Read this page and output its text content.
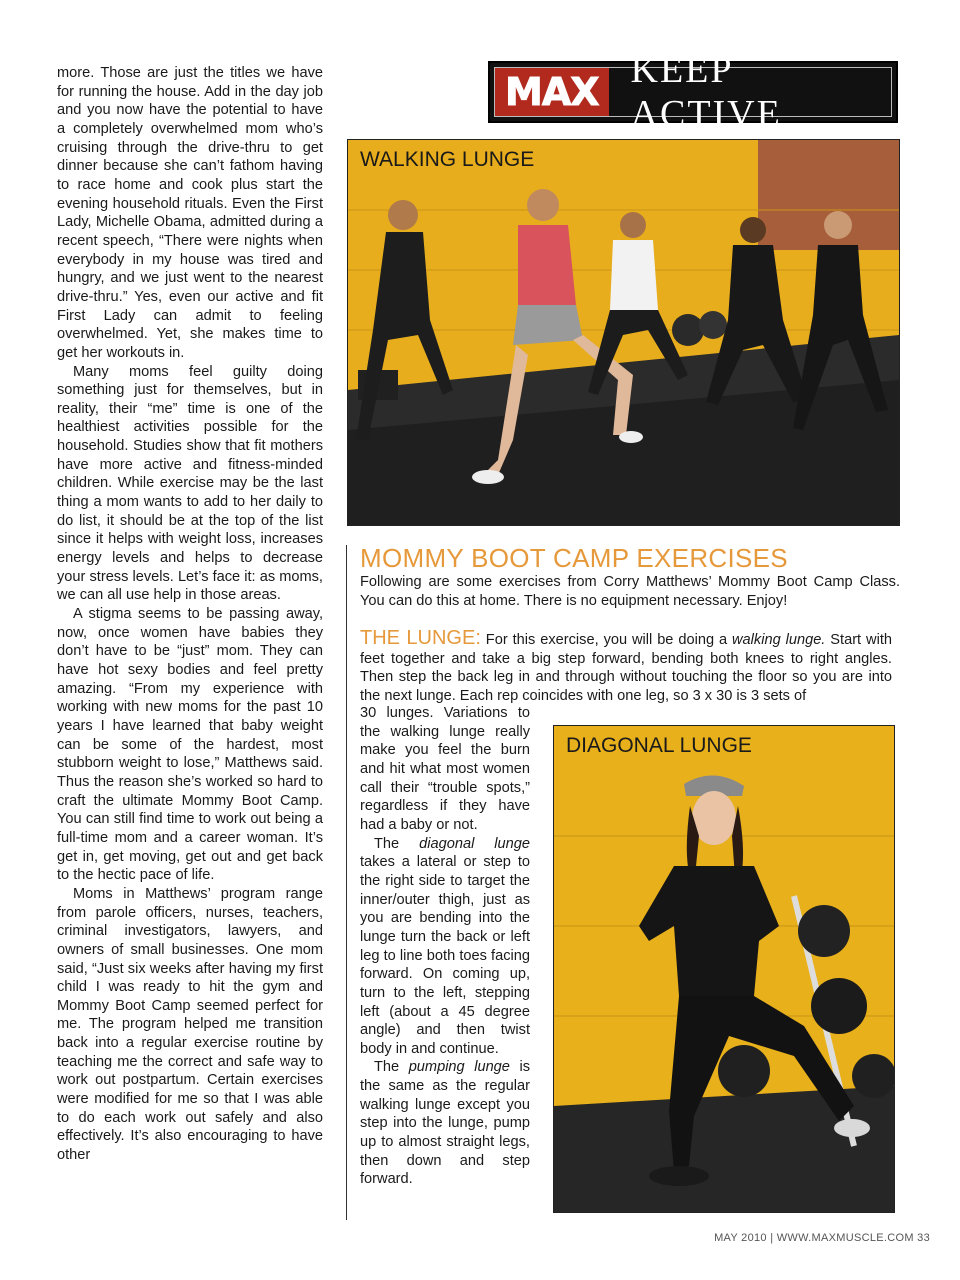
more. Those are just the titles we have for running the house. Add in the day job and you now have the potential to have a completely overwhelmed mom who’s cruising through the drive-thru to get dinner because she can’t fathom having to race home and cook plus start the evening household rituals. Even the First Lady, Michelle Obama, admitted during a recent speech, “There were nights when everybody in my house was tired and hungry, and we just went to the nearest drive-thru.” Yes, even our active and fit First Lady can admit to feeling overwhelmed. Yet, she makes time to get her workouts in.

Many moms feel guilty doing something just for themselves, but in reality, their “me” time is one of the healthiest activities possible for the household. Studies show that fit mothers have more active and fitness-minded children. While exercise may be the last thing a mom wants to add to her daily to do list, it should be at the top of the list since it helps with weight loss, increases energy levels and helps to decrease your stress levels. Let’s face it: as moms, we can all use help in those areas.

A stigma seems to be passing away, now, once women have babies they don’t have to be “just” mom. They can have hot sexy bodies and feel pretty amazing. “From my experience with working with new moms for the past 10 years I have learned that baby weight can be some of the hardest, most stubborn weight to lose,” Matthews said. Thus the reason she’s worked so hard to craft the ultimate Mommy Boot Camp. You can still find time to work out being a full-time mom and a career woman. It’s get in, get moving, get out and get back to the hectic pace of life.

Moms in Matthews’ program range from parole officers, nurses, teachers, criminal investigators, lawyers, and owners of small businesses. One mom said, “Just six weeks after having my first child I was ready to hit the gym and Mommy Boot Camp seemed perfect for me. The program helped me transition back into a regular exercise routine by teaching me the correct and safe way to work out postpartum. Certain exercises were modified for me so that I was able to do each work out safely and also effectively. It’s also encouraging to have other

MAX KEEP ACTIVE
WALKING LUNGE
MOMMY BOOT CAMP EXERCISES

Following are some exercises from Corry Matthews’ Mommy Boot Camp Class. You can do this at home. There is no equipment necessary. Enjoy!

THE LUNGE: For this exercise, you will be doing a walking lunge. Start with feet together and take a big step forward, bending both knees to right angles. Then step the back leg in and through without touching the floor so you are into the next lunge. Each rep coincides with one leg, so 3 x 30 is 3 sets of

30 lunges. Variations to the walking lunge really make you feel the burn and hit what most women call their “trouble spots,” regardless if they have had a baby or not.

The diagonal lunge takes a lateral or step to the right side to target the inner/outer thigh, just as you are bending into the lunge turn the back or left leg to line both toes facing forward. On coming up, turn to the left, stepping left (about a 45 degree angle) and then twist body in and continue.

The pumping lunge is the same as the regular walking lunge except you step into the lunge, pump up to almost straight legs, then down and step forward.

DIAGONAL LUNGE
MAY 2010 | WWW.MAXMUSCLE.COM 33
